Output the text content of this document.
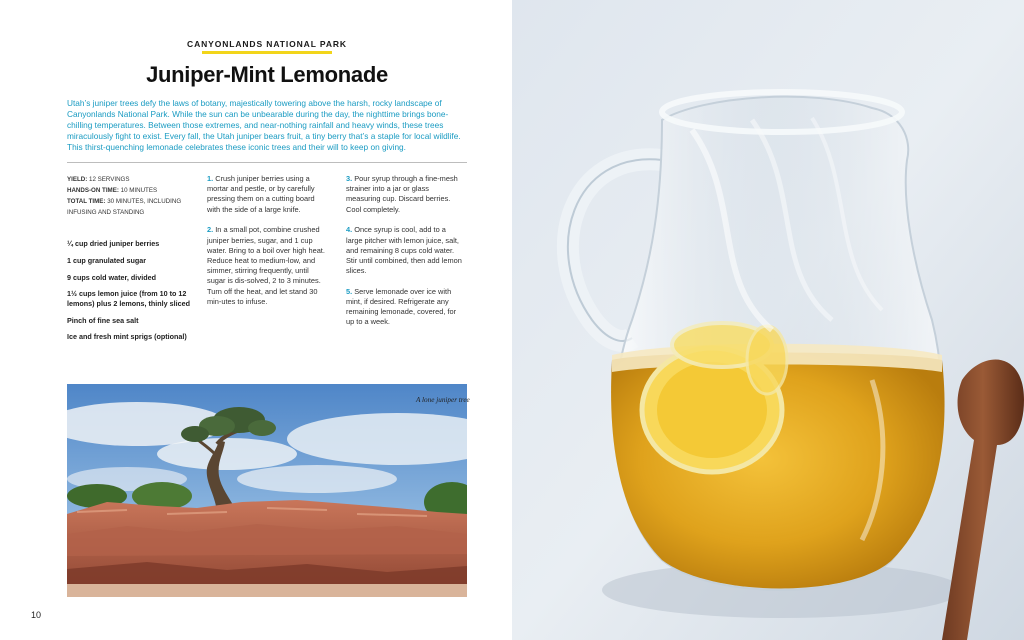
CANYONLANDS NATIONAL PARK
Juniper-Mint Lemonade

Utah’s juniper trees defy the laws of botany, majestically towering above the harsh, rocky landscape of Canyonlands National Park. While the sun can be unbearable during the day, the nighttime brings bone-chilling temperatures. Between those extremes, and near-nothing rainfall and heavy winds, these trees miraculously fight to exist. Every fall, the Utah juniper bears fruit, a tiny berry that’s a staple for local wildlife. This thirst-quenching lemonade celebrates these iconic trees and their will to keep on giving.

YIELD: 12 SERVINGS
HANDS-ON TIME: 10 MINUTES
TOTAL TIME: 30 MINUTES, INCLUDING INFUSING AND STANDING
¼ cup dried juniper berries
1 cup granulated sugar
9 cups cold water, divided
1½ cups lemon juice (from 10 to 12 lemons) plus 2 lemons, thinly sliced
Pinch of fine sea salt
Ice and fresh mint sprigs (optional)

1. Crush juniper berries using a mortar and pestle, or by carefully pressing them on a cutting board with the side of a large knife.

2. In a small pot, combine crushed juniper berries, sugar, and 1 cup water. Bring to a boil over high heat. Reduce heat to medium-low, and simmer, stirring frequently, until sugar is dis-solved, 2 to 3 minutes. Turn off the heat, and let stand 30 min-utes to infuse.

3. Pour syrup through a fine-mesh strainer into a jar or glass measuring cup. Discard berries. Cool completely.

4. Once syrup is cool, add to a large pitcher with lemon juice, salt, and remaining 8 cups cold water. Stir until combined, then add lemon slices.

5. Serve lemonade over ice with mint, if desired. Refrigerate any remaining lemonade, covered, for up to a week.

A lone juniper tree
10
